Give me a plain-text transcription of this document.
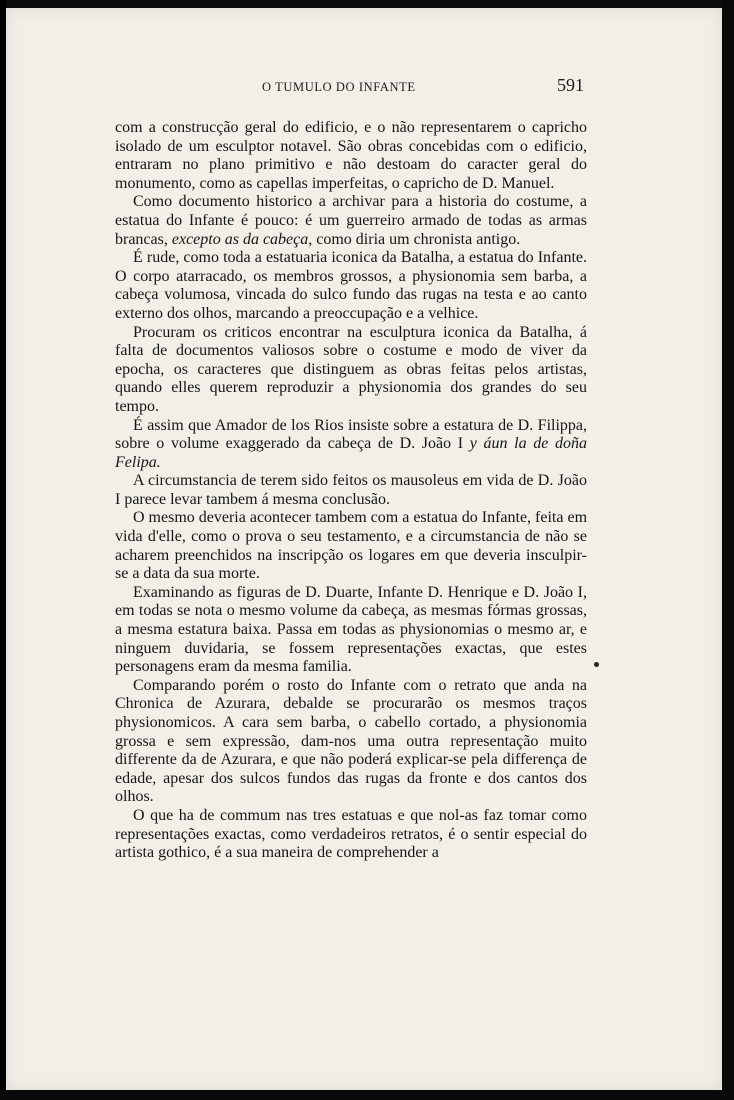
O TUMULO DO INFANTE	591

com a construcção geral do edificio, e o não representarem o capricho isolado de um esculptor notavel. São obras concebidas com o edificio, entraram no plano primitivo e não destoam do caracter geral do monumento, como as capellas imperfeitas, o capricho de D. Manuel.

Como documento historico a archivar para a historia do costume, a estatua do Infante é pouco: é um guerreiro armado de todas as armas brancas, excepto as da cabeça, como diria um chronista antigo.

É rude, como toda a estatuaria iconica da Batalha, a estatua do Infante. O corpo atarracado, os membros grossos, a physionomia sem barba, a cabeça volumosa, vincada do sulco fundo das rugas na testa e ao canto externo dos olhos, marcando a preoccupação e a velhice.

Procuram os criticos encontrar na esculptura iconica da Batalha, á falta de documentos valiosos sobre o costume e modo de viver da epocha, os caracteres que distinguem as obras feitas pelos artistas, quando elles querem reproduzir a physionomia dos grandes do seu tempo.

É assim que Amador de los Rios insiste sobre a estatura de D. Filippa, sobre o volume exaggerado da cabeça de D. João I y áun la de doña Felipa.

A circumstancia de terem sido feitos os mausoleus em vida de D. João I parece levar tambem á mesma conclusão.

O mesmo deveria acontecer tambem com a estatua do Infante, feita em vida d'elle, como o prova o seu testamento, e a circumstancia de não se acharem preenchidos na inscripção os logares em que deveria insculpir-se a data da sua morte.

Examinando as figuras de D. Duarte, Infante D. Henrique e D. João I, em todas se nota o mesmo volume da cabeça, as mesmas fórmas grossas, a mesma estatura baixa. Passa em todas as physionomias o mesmo ar, e ninguem duvidaria, se fossem representações exactas, que estes personagens eram da mesma familia.

Comparando porém o rosto do Infante com o retrato que anda na Chronica de Azurara, debalde se procurarão os mesmos traços physionomicos. A cara sem barba, o cabello cortado, a physionomia grossa e sem expressão, dam-nos uma outra representação muito differente da de Azurara, e que não poderá explicar-se pela differença de edade, apesar dos sulcos fundos das rugas da fronte e dos cantos dos olhos.

O que ha de commum nas tres estatuas e que nol-as faz tomar como representações exactas, como verdadeiros retratos, é o sentir especial do artista gothico, é a sua maneira de comprehender a
